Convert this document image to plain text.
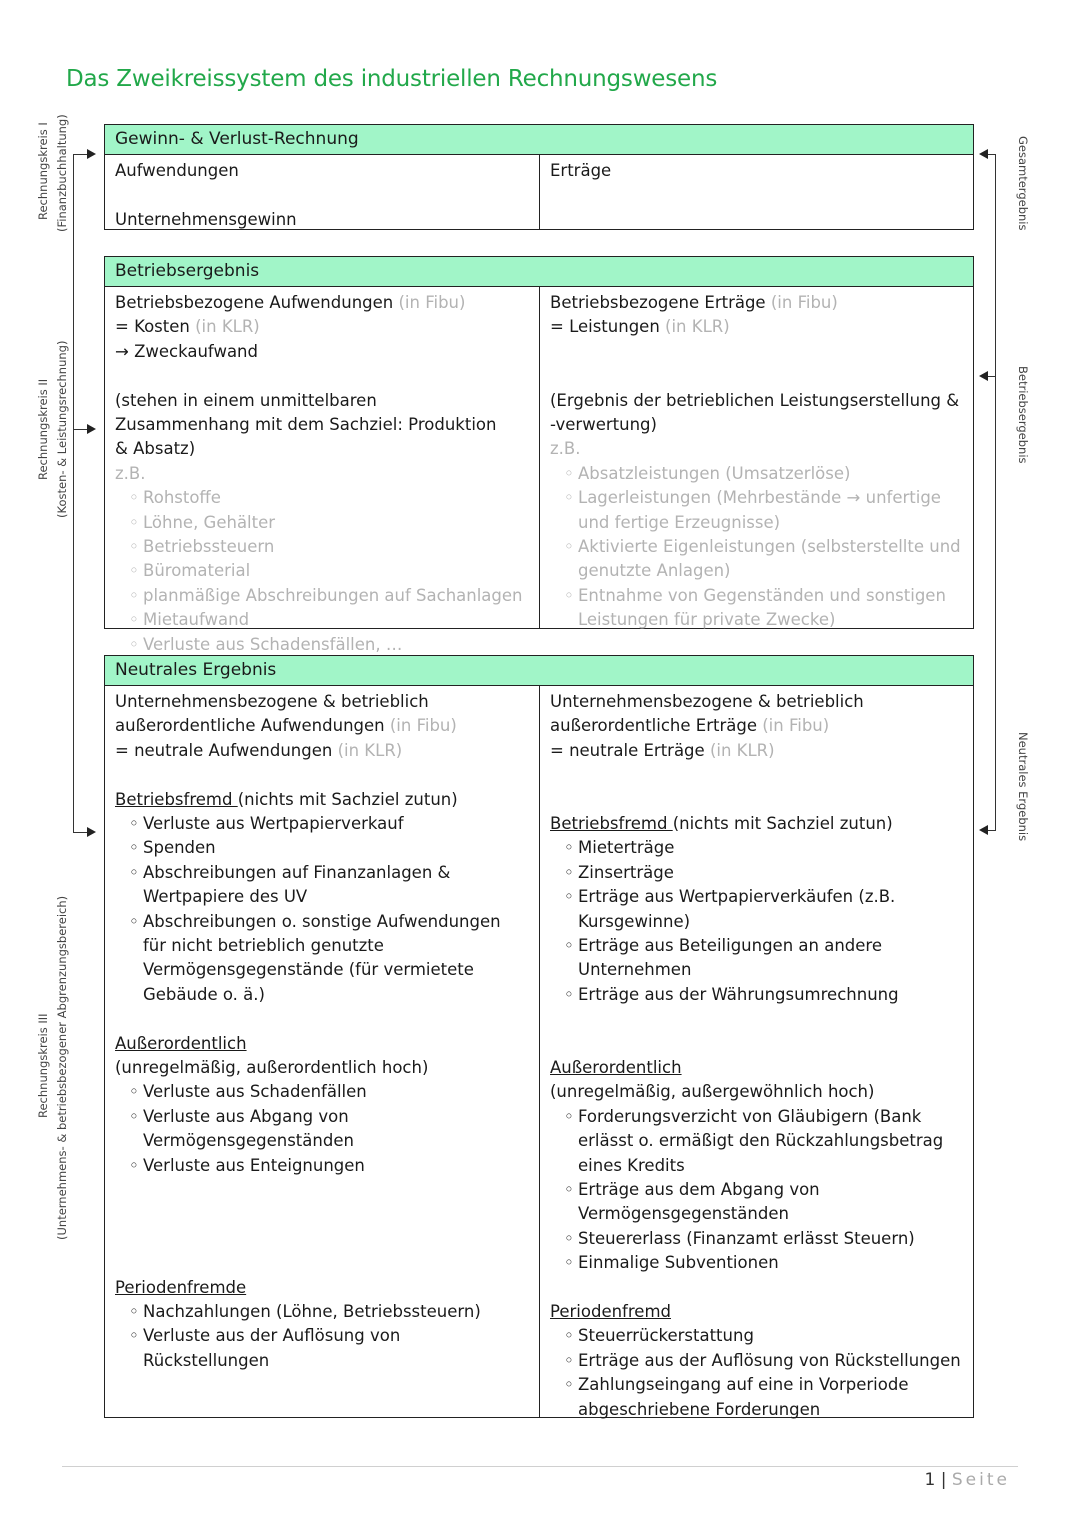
Das Zweikreissystem des industriellen Rechnungswesens
Rechnungskreis I (Finanzbuchhaltung)
Rechnungskreis II (Kosten- & Leistungsrechnung)
Rechnungskreis III (Unternehmens- & betriebsbezogener Abgrenzungsbereich)
Gesamtergebnis
Betriebsergebnis
Neutrales Ergebnis
Gewinn- & Verlust-Rechnung
Aufwendungen
Unternehmensgewinn
Erträge
Betriebsergebnis
Betriebsbezogene Aufwendungen (in Fibu)
= Kosten (in KLR)
→ Zweckaufwand
(stehen in einem unmittelbaren Zusammenhang mit dem Sachziel: Produktion & Absatz)
z.B.
◦ Rohstoffe
◦ Löhne, Gehälter
◦ Betriebssteuern
◦ Büromaterial
◦ planmäßige Abschreibungen auf Sachanlagen
◦ Mietaufwand
◦ Verluste aus Schadensfällen, …
Betriebsbezogene Erträge (in Fibu)
= Leistungen (in KLR)
(Ergebnis der betrieblichen Leistungserstellung & -verwertung)
z.B.
◦ Absatzleistungen (Umsatzerlöse)
◦ Lagerleistungen (Mehrbestände → unfertige und fertige Erzeugnisse)
◦ Aktivierte Eigenleistungen (selbsterstellte und genutzte Anlagen)
◦ Entnahme von Gegenständen und sonstigen Leistungen für private Zwecke)
Neutrales Ergebnis
Unternehmensbezogene & betrieblich
außerordentliche Aufwendungen (in Fibu)
= neutrale Aufwendungen (in KLR)
Betriebsfremd (nichts mit Sachziel zutun)
◦ Verluste aus Wertpapierverkauf
◦ Spenden
◦ Abschreibungen auf Finanzanlagen & Wertpapiere des UV
◦ Abschreibungen o. sonstige Aufwendungen für nicht betrieblich genutzte Vermögensgegenstände (für vermietete Gebäude o. ä.)
Außerordentlich
(unregelmäßig, außerordentlich hoch)
◦ Verluste aus Schadenfällen
◦ Verluste aus Abgang von Vermögensgegenständen
◦ Verluste aus Enteignungen
Periodenfremde
◦ Nachzahlungen (Löhne, Betriebssteuern)
◦ Verluste aus der Auflösung von Rückstellungen
Unternehmensbezogene & betrieblich
außerordentliche Erträge (in Fibu)
= neutrale Erträge (in KLR)
Betriebsfremd (nichts mit Sachziel zutun)
◦ Mieterträge
◦ Zinserträge
◦ Erträge aus Wertpapierverkäufen (z.B. Kursgewinne)
◦ Erträge aus Beteiligungen an andere Unternehmen
◦ Erträge aus der Währungsumrechnung
Außerordentlich
(unregelmäßig, außergewöhnlich hoch)
◦ Forderungsverzicht von Gläubigern (Bank erlässt o. ermäßigt den Rückzahlungsbetrag eines Kredits
◦ Erträge aus dem Abgang von Vermögensgegenständen
◦ Steuererlass (Finanzamt erlässt Steuern)
◦ Einmalige Subventionen
Periodenfremd
◦ Steuerrückerstattung
◦ Erträge aus der Auflösung von Rückstellungen
◦ Zahlungseingang auf eine in Vorperiode abgeschriebene Forderungen
1 | Seite
